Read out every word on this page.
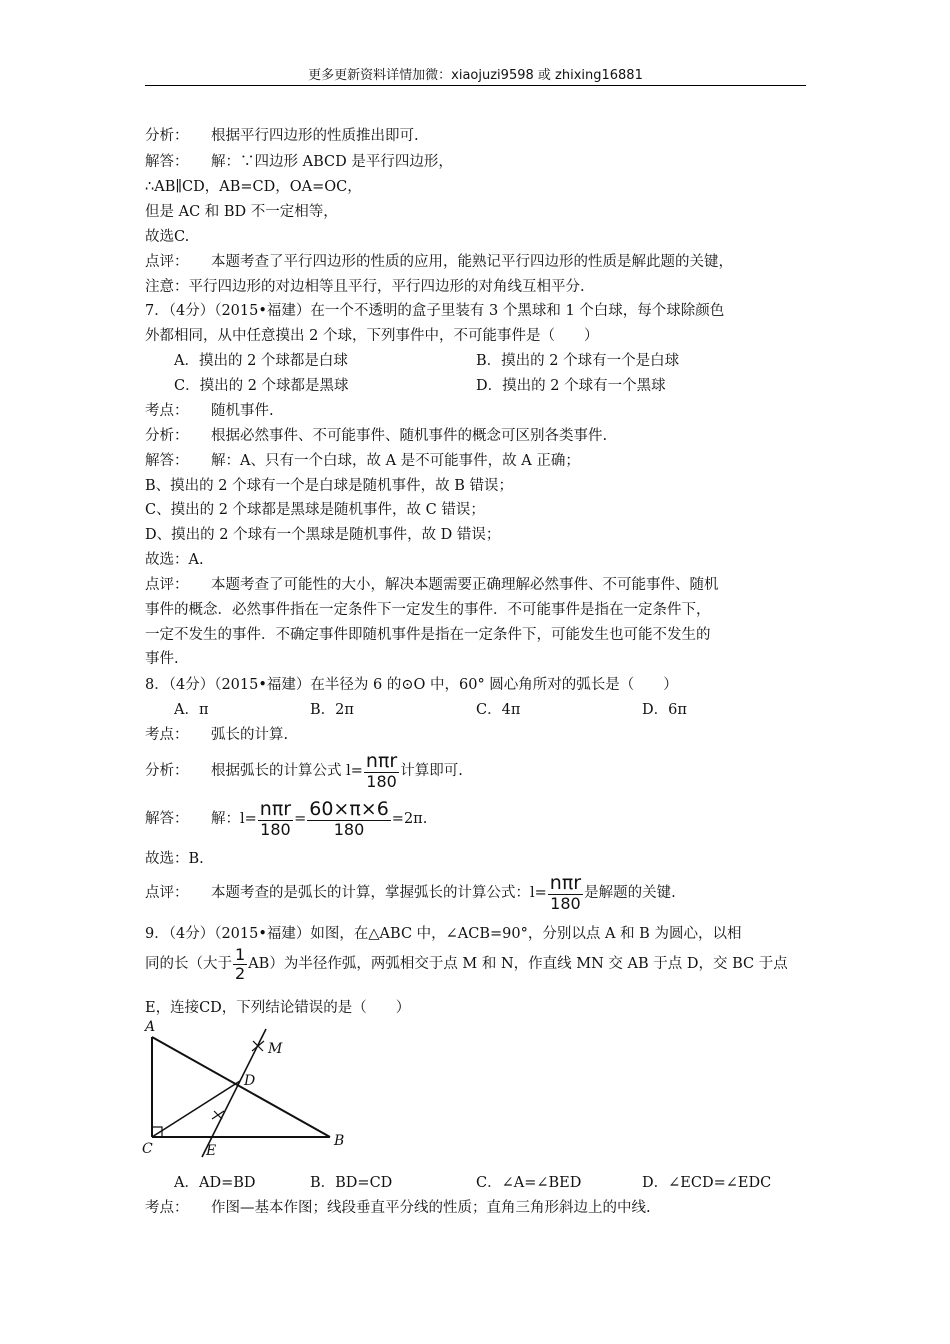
更多更新资料详情加微：xiaojuzi9598 或 zhixing16881
分析： 根据平行四边形的性质推出即可.
解答： 解：∵四边形 ABCD 是平行四边形，
∴AB∥CD，AB=CD，OA=OC，
但是 AC 和 BD 不一定相等，
故选C.
点评： 本题考查了平行四边形的性质的应用，能熟记平行四边形的性质是解此题的关键，
注意：平行四边形的对边相等且平行，平行四边形的对角线互相平分.
7．（4分）（2015•福建）在一个不透明的盒子里装有 3 个黑球和 1 个白球，每个球除颜色
外都相同，从中任意摸出 2 个球，下列事件中，不可能事件是（　　）
A．摸出的 2 个球都是白球	B．摸出的 2 个球有一个是白球
C．摸出的 2 个球都是黑球	D．摸出的 2 个球有一个黑球
考点： 随机事件.
分析： 根据必然事件、不可能事件、随机事件的概念可区别各类事件.
解答： 解：A、只有一个白球，故 A 是不可能事件，故 A 正确；
B、摸出的 2 个球有一个是白球是随机事件，故 B 错误；
C、摸出的 2 个球都是黑球是随机事件，故 C 错误；
D、摸出的 2 个球有一个黑球是随机事件，故 D 错误；
故选：A.
点评： 本题考查了可能性的大小，解决本题需要正确理解必然事件、不可能事件、随机
事件的概念．必然事件指在一定条件下一定发生的事件．不可能事件是指在一定条件下，
一定不发生的事件．不确定事件即随机事件是指在一定条件下，可能发生也可能不发生的
事件.
8．（4分）（2015•福建）在半径为 6 的⊙O 中，60° 圆心角所对的弧长是（　　）
A．π	B．2π	C．4π	D．6π
考点： 弧长的计算.
分析： 根据弧长的计算公式 $l= \frac{\text{nπr}}{180}$ 计算即可.
解答： 解：$l= \frac{\text{nπr}}{180} = \frac{60\times\pi\times 6}{180} =2\pi$.
故选：B.
点评： 本题考查的是弧长的计算，掌握弧长的计算公式：$l= \frac{\text{nπr}}{180}$ 是解题的关键.
9．（4分）（2015•福建）如图，在△ABC 中，∠ACB=90°，分别以点 A 和 B 为圆心，以相
同的长（大于 $\frac{1}{2} AB$）为半径作弧，两弧相交于点 M 和 N，作直线 MN 交 AB 于点 D，交 BC 于点
E，连接CD，下列结论错误的是（　　）
A
M
D
C	E
B
A．AD=BD	B．BD=CD	C．∠A=∠BED	D．∠ECD=∠EDC
考点： 作图—基本作图；线段垂直平分线的性质；直角三角形斜边上的中线.
